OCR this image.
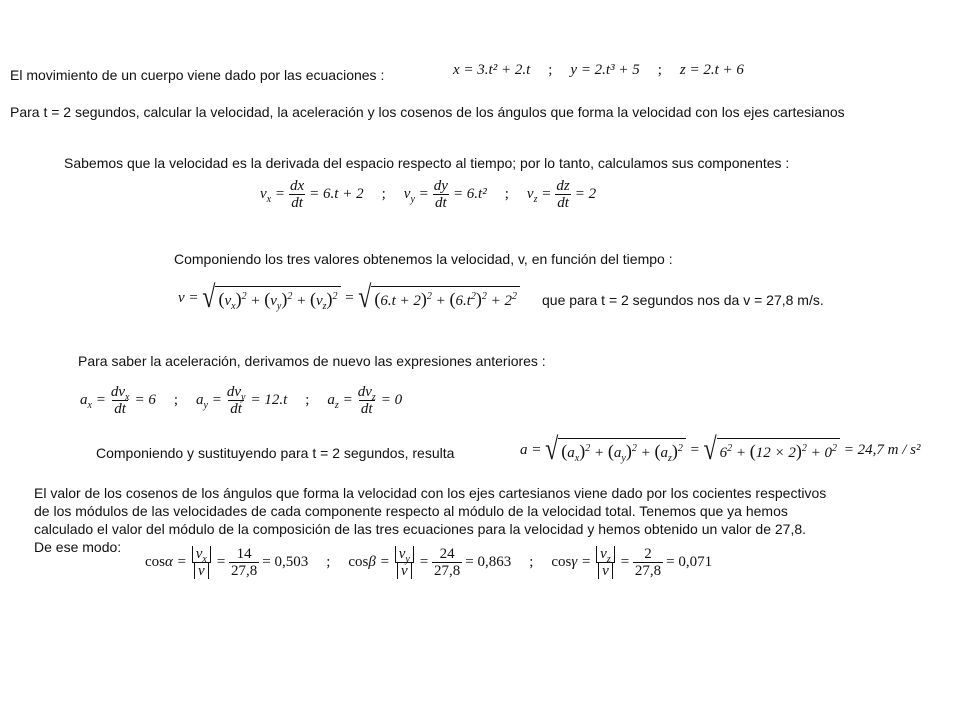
El movimiento de un cuerpo viene dado por las ecuaciones :	x = 3.t² + 2.t ; y = 2.t³ + 5 ; z = 2.t + 6
Para t = 2 segundos, calcular la velocidad, la aceleración y los cosenos de los ángulos que forma la velocidad con los ejes cartesianos
Sabemos que la velocidad es la derivada del espacio respecto al tiempo; por lo tanto, calculamos sus componentes :
$v_x = \frac{dx}{dt} = 6.t + 2$ ; $v_y = \frac{dy}{dt} = 6.t^2$ ; $v_z = \frac{dz}{dt} = 2$
Componiendo los tres valores obtenemos la velocidad, v, en función del tiempo :
v = √ $(v_x)^2 + (v_y)^2 + (v_z)^2$ = √ $(6.t + 2)^2 + (6.t^2)^2 + 2^2$ que para t = 2 segundos nos da v = 27,8 m/s.
Para saber la aceleración, derivamos de nuevo las expresiones anteriores :
$a_x = \frac{dv_x}{dt} = 6$ ; $a_y = \frac{dv_y}{dt} = 12.t$ ; $a_z = \frac{dv_z}{dt} = 0$
Componiendo y sustituyendo para t = 2 segundos, resulta	a = √ $(a_x)^2 + (a_y)^2 + (a_z)^2$ = √ $6^2 + (12 \times 2)^2 + 0^2$
= 24,7 m / s²
El valor de los cosenos de los ángulos que forma la velocidad con los ejes cartesianos viene dado por los cocientes respectivos
de los módulos de las velocidades de cada componente respecto al módulo de la velocidad total. Tenemos que ya hemos
calculado el valor del módulo de la composición de las tres ecuaciones para la velocidad y hemos obtenido un valor de 27,8.
De ese modo:
$\cos\alpha = \frac{v_x}{v} = \frac{14}{27,8} = 0,503$ ; $\cos\beta = \frac{v_y}{v} = \frac{24}{27,8} = 0,863$ ; $\cos\gamma = \frac{v_z}{v} = \frac{2}{27,8} = 0,071$
